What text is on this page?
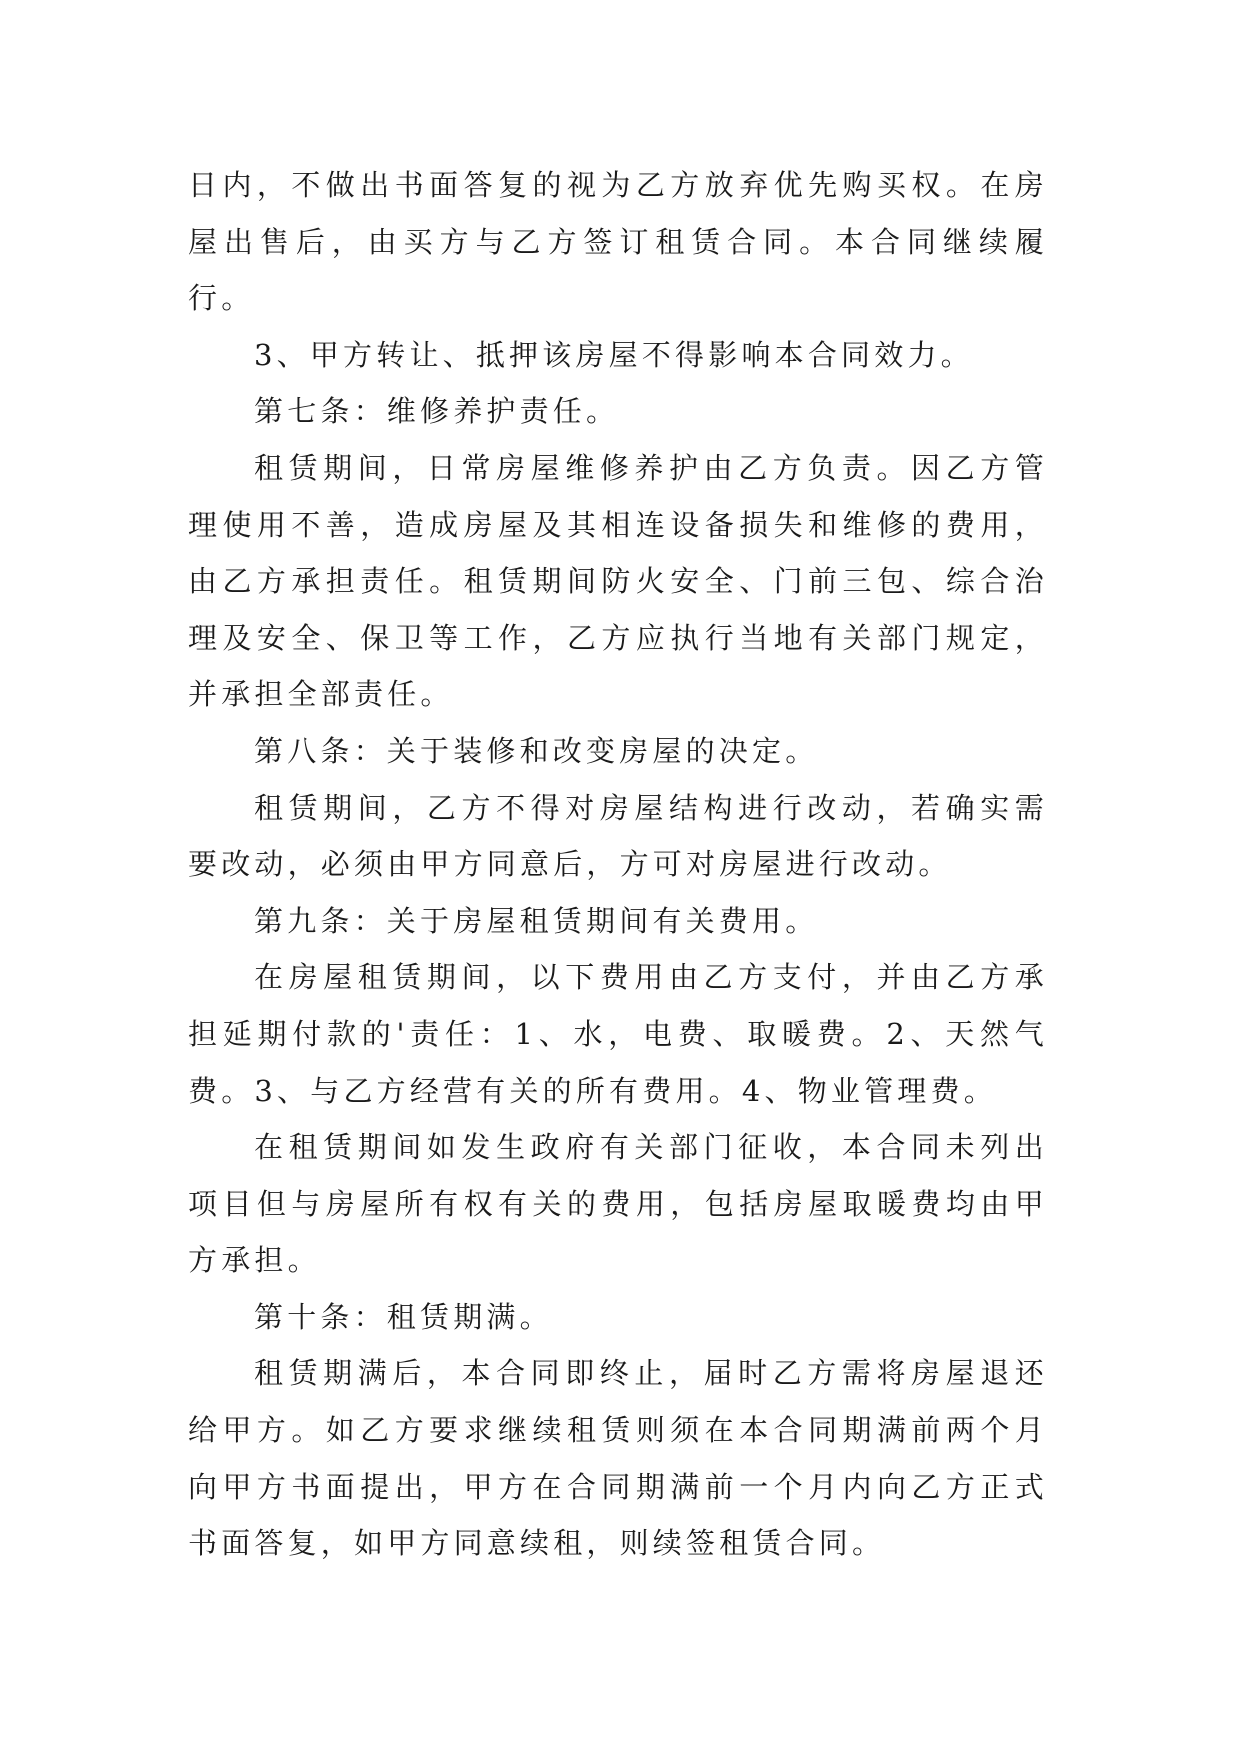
日内，不做出书面答复的视为乙方放弃优先购买权。在房屋出售后，由买方与乙方签订租赁合同。本合同继续履行。

3、甲方转让、抵押该房屋不得影响本合同效力。

第七条：维修养护责任。

租赁期间，日常房屋维修养护由乙方负责。因乙方管理使用不善，造成房屋及其相连设备损失和维修的费用，由乙方承担责任。租赁期间防火安全、门前三包、综合治理及安全、保卫等工作，乙方应执行当地有关部门规定，并承担全部责任。

第八条：关于装修和改变房屋的决定。

租赁期间，乙方不得对房屋结构进行改动，若确实需要改动，必须由甲方同意后，方可对房屋进行改动。

第九条：关于房屋租赁期间有关费用。

在房屋租赁期间，以下费用由乙方支付，并由乙方承担延期付款的'责任：1、水，电费、取暖费。2、天然气费。3、与乙方经营有关的所有费用。4、物业管理费。

在租赁期间如发生政府有关部门征收，本合同未列出项目但与房屋所有权有关的费用，包括房屋取暖费均由甲方承担。

第十条：租赁期满。

租赁期满后，本合同即终止，届时乙方需将房屋退还给甲方。如乙方要求继续租赁则须在本合同期满前两个月向甲方书面提出，甲方在合同期满前一个月内向乙方正式书面答复，如甲方同意续租，则续签租赁合同。
